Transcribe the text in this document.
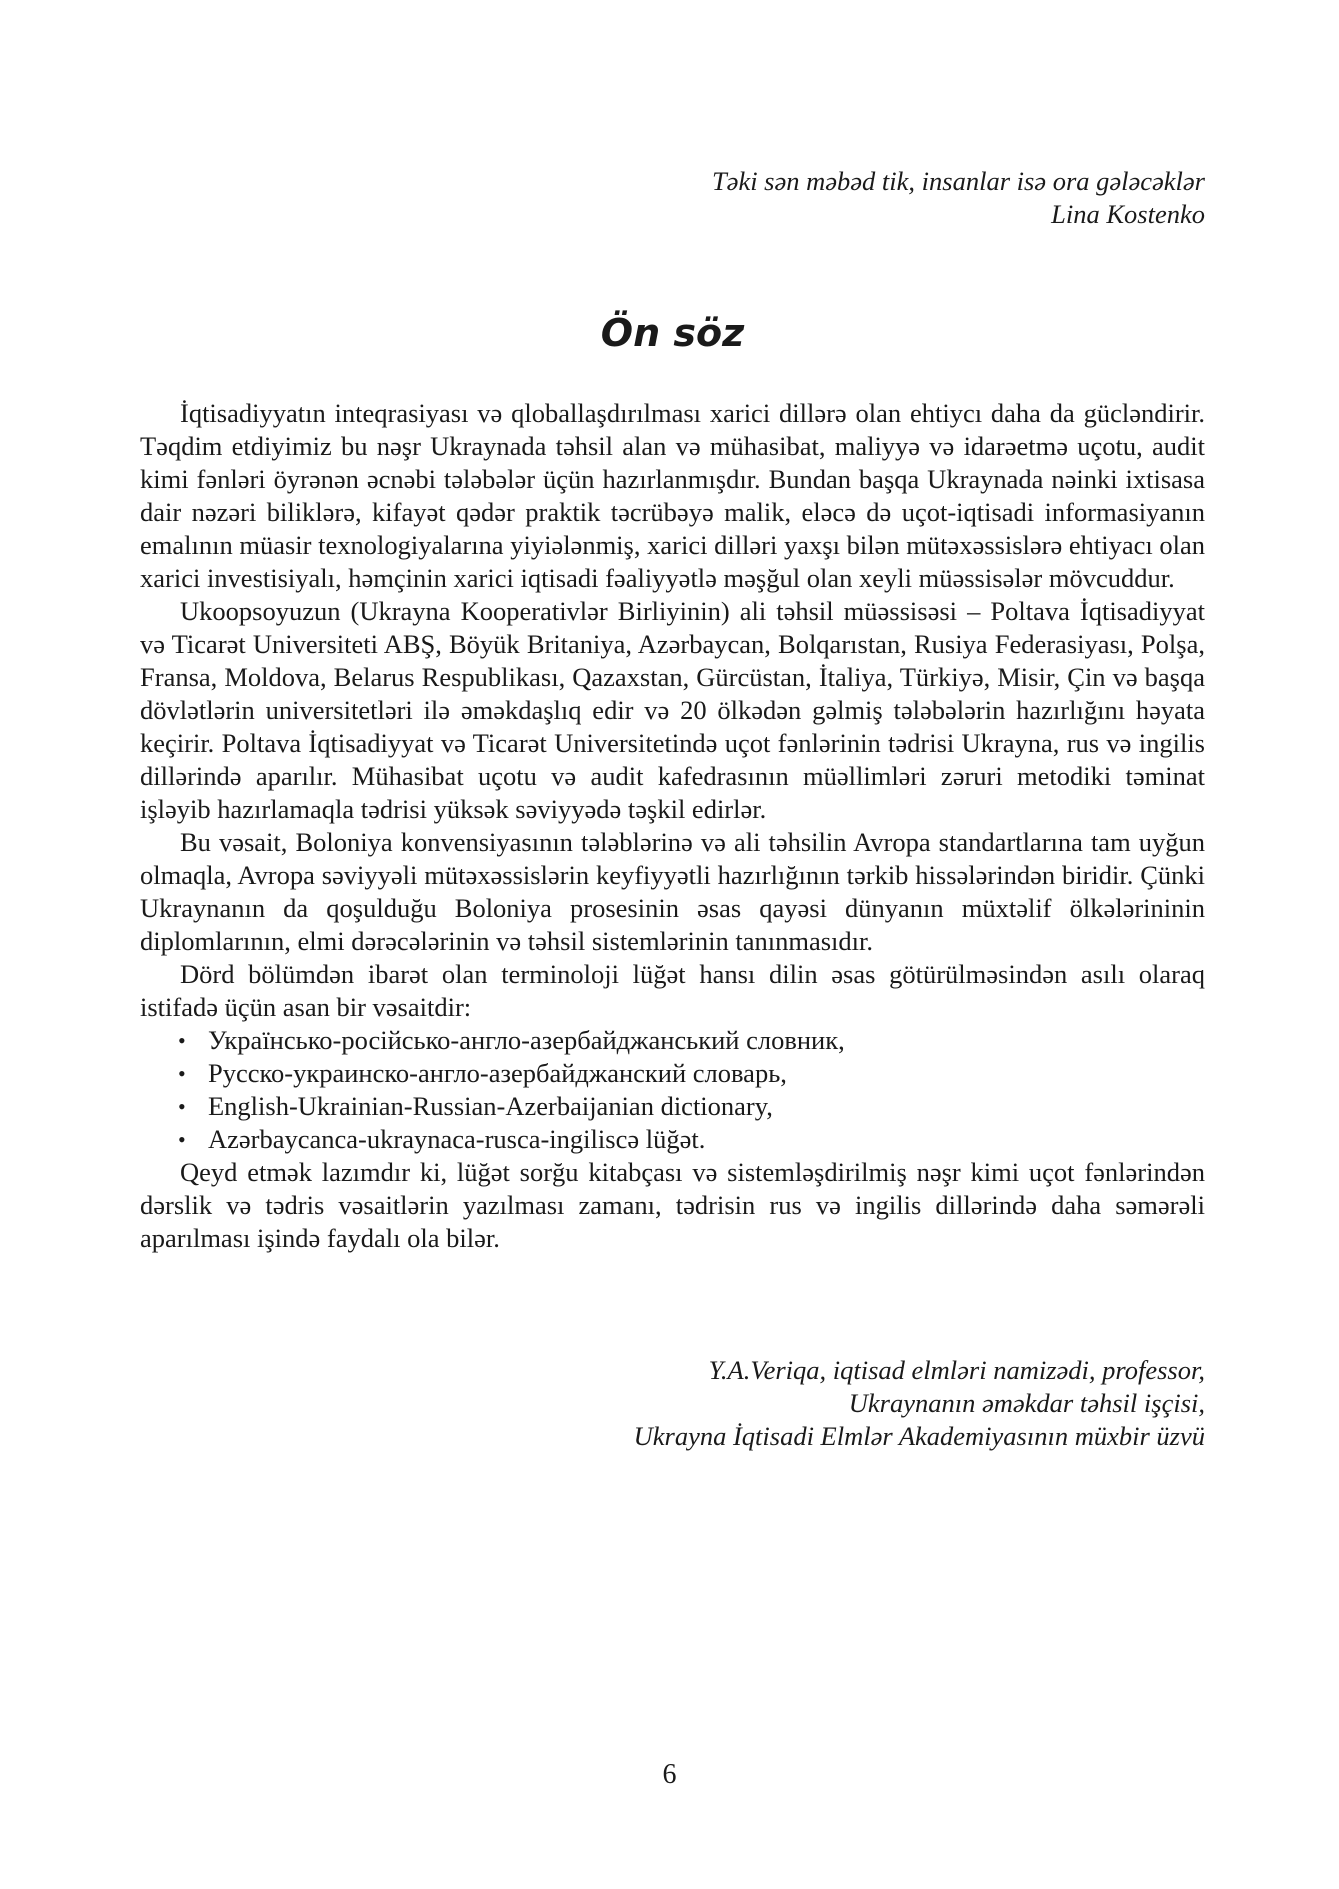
Təki sən məbəd tik, insanlar isə ora gələcəklər
Lina Kostenko
Ön söz

İqtisadiyyatın inteqrasiyası və qloballaşdırılması xarici dillərə olan ehtiycı daha da gücləndirir. Təqdim etdiyimiz bu nəşr Ukraynada təhsil alan və mühasibat, maliyyə və idarəetmə uçotu, audit kimi fənləri öyrənən əcnəbi tələbələr üçün hazırlanmışdır. Bundan başqa Ukraynada nəinki ixtisasa dair nəzəri biliklərə, kifayət qədər praktik təcrübəyə malik, eləcə də uçot-iqtisadi informasiyanın emalının müasir texnologiyalarına yiyiələnmiş, xarici dilləri yaxşı bilən mütəxəssislərə ehtiyacı olan xarici investisiyalı, həmçinin xarici iqtisadi fəaliyyətlə məşğul olan xeyli müəssisələr mövcuddur.

Ukoopsoyuzun (Ukrayna Kooperativlər Birliyinin) ali təhsil müəssisəsi – Poltava İqtisadiyyat və Ticarət Universiteti ABŞ, Böyük Britaniya, Azərbaycan, Bolqarıstan, Rusiya Federasiyası, Polşa, Fransa, Moldova, Belarus Respublikası, Qazaxstan, Gürcüstan, İtaliya, Türkiyə, Misir, Çin və başqa dövlətlərin universitetləri ilə əməkdaşlıq edir və 20 ölkədən gəlmiş tələbələrin hazırlığını həyata keçirir. Poltava İqtisadiyyat və Ticarət Universitetində uçot fənlərinin tədrisi Ukrayna, rus və ingilis dillərində aparılır. Mühasibat uçotu və audit kafedrasının müəllimləri zəruri metodiki təminat işləyib hazırlamaqla tədrisi yüksək səviyyədə təşkil edirlər.

Bu vəsait, Boloniya konvensiyasının tələblərinə və ali təhsilin Avropa standartlarına tam uyğun olmaqla, Avropa səviyyəli mütəxəssislərin keyfiyyətli hazırlığının tərkib hissələrindən biridir. Çünki Ukraynanın da qoşulduğu Boloniya prosesinin əsas qayəsi dünyanın müxtəlif ölkələrininin diplomlarının, elmi dərəcələrinin və təhsil sistemlərinin tanınmasıdır.

Dörd bölümdən ibarət olan terminoloji lüğət hansı dilin əsas götürülməsindən asılı olaraq istifadə üçün asan bir vəsaitdir:

• Українсько-російсько-англо-азербайджанський словник,
• Русско-украинско-англо-азербайджанский словарь,
• English-Ukrainian-Russian-Azerbaijanian dictionary,
• Azərbaycanca-ukraynaca-rusca-ingiliscə lüğət.

Qeyd etmək lazımdır ki, lüğət sorğu kitabçası və sistemləşdirilmiş nəşr kimi uçot fənlərindən dərslik və tədris vəsaitlərin yazılması zamanı, tədrisin rus və ingilis dillərində daha səmərəli aparılması işində faydalı ola bilər.

Y.A.Veriqa, iqtisad elmləri namizədi, professor,
Ukraynanın əməkdar təhsil işçisi,
Ukrayna İqtisadi Elmlər Akademiyasının müxbir üzvü
6
